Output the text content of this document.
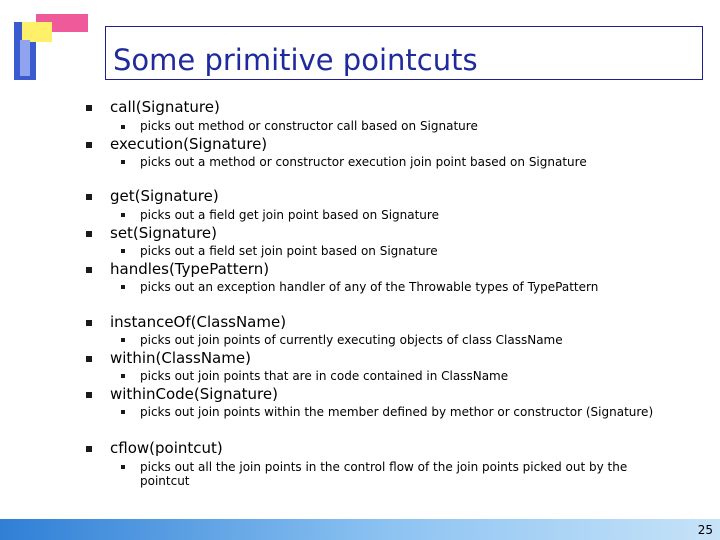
Some primitive pointcuts

call(Signature)

picks out method or constructor call based on Signature

execution(Signature)

picks out a method or constructor execution join point based on Signature

get(Signature)

picks out a field get join point based on Signature

set(Signature)

picks out a field set join point based on Signature

handles(TypePattern)

picks out an exception handler of any of the Throwable types of TypePattern

instanceOf(ClassName)

picks out join points of currently executing objects of class ClassName

within(ClassName)

picks out join points that are in code contained in ClassName

withinCode(Signature)

picks out join points within the member defined by methor or constructor (Signature)

cflow(pointcut)

picks out all the join points in the control flow of the join points picked out by the

pointcut

25
